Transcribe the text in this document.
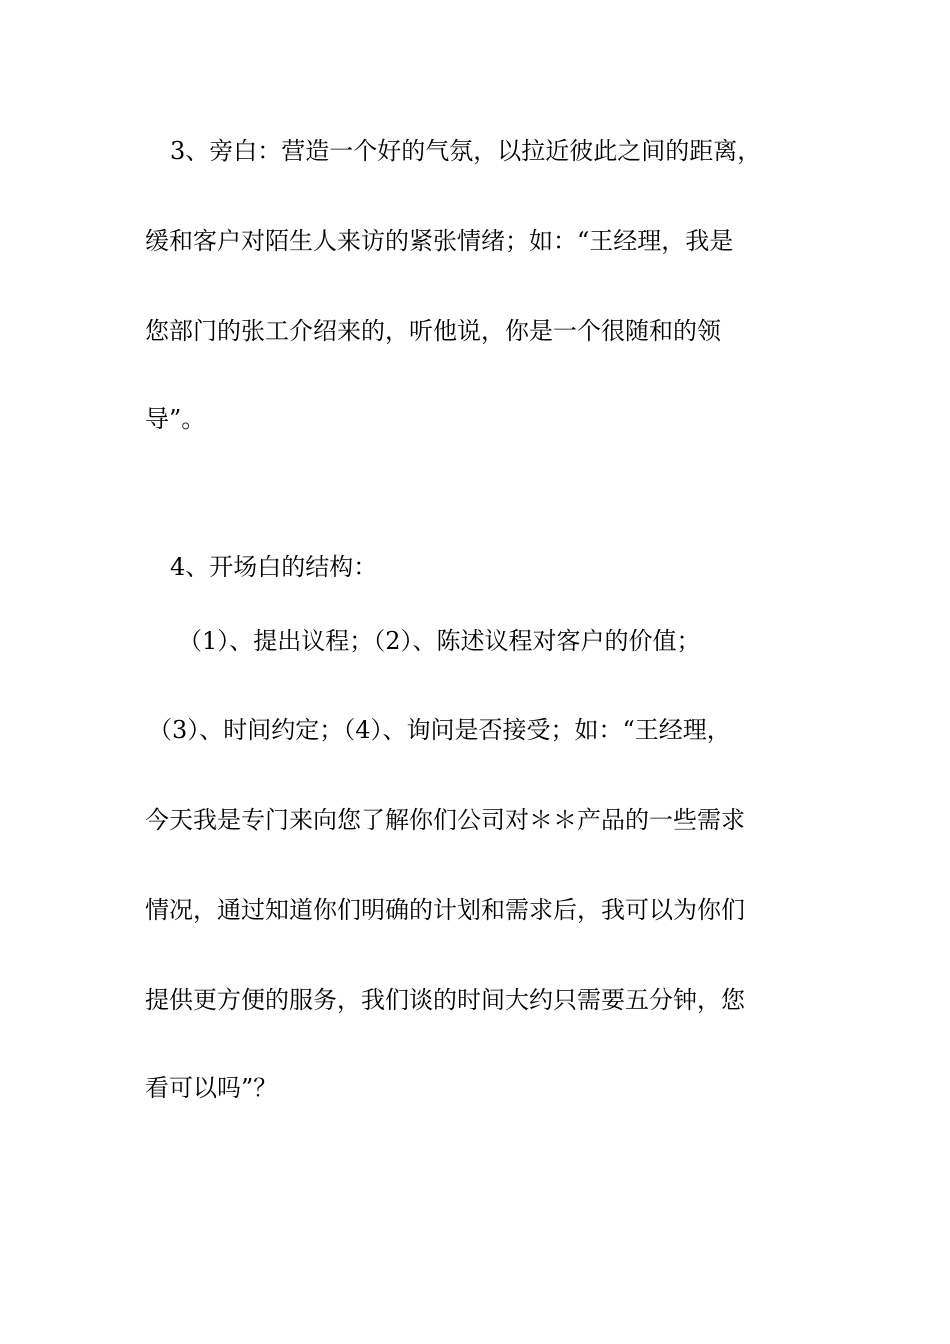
3、旁白：营造一个好的气氛，以拉近彼此之间的距离，
缓和客户对陌生人来访的紧张情绪；如：“王经理，我是
您部门的张工介绍来的，听他说，你是一个很随和的领
导”。
4、开场白的结构：
（1）、提出议程；（2）、陈述议程对客户的价值；
（3）、时间约定；（4）、询问是否接受；如：“王经理，
今天我是专门来向您了解你们公司对＊＊产品的一些需求
情况，通过知道你们明确的计划和需求后，我可以为你们
提供更方便的服务，我们谈的时间大约只需要五分钟，您
看可以吗”？
